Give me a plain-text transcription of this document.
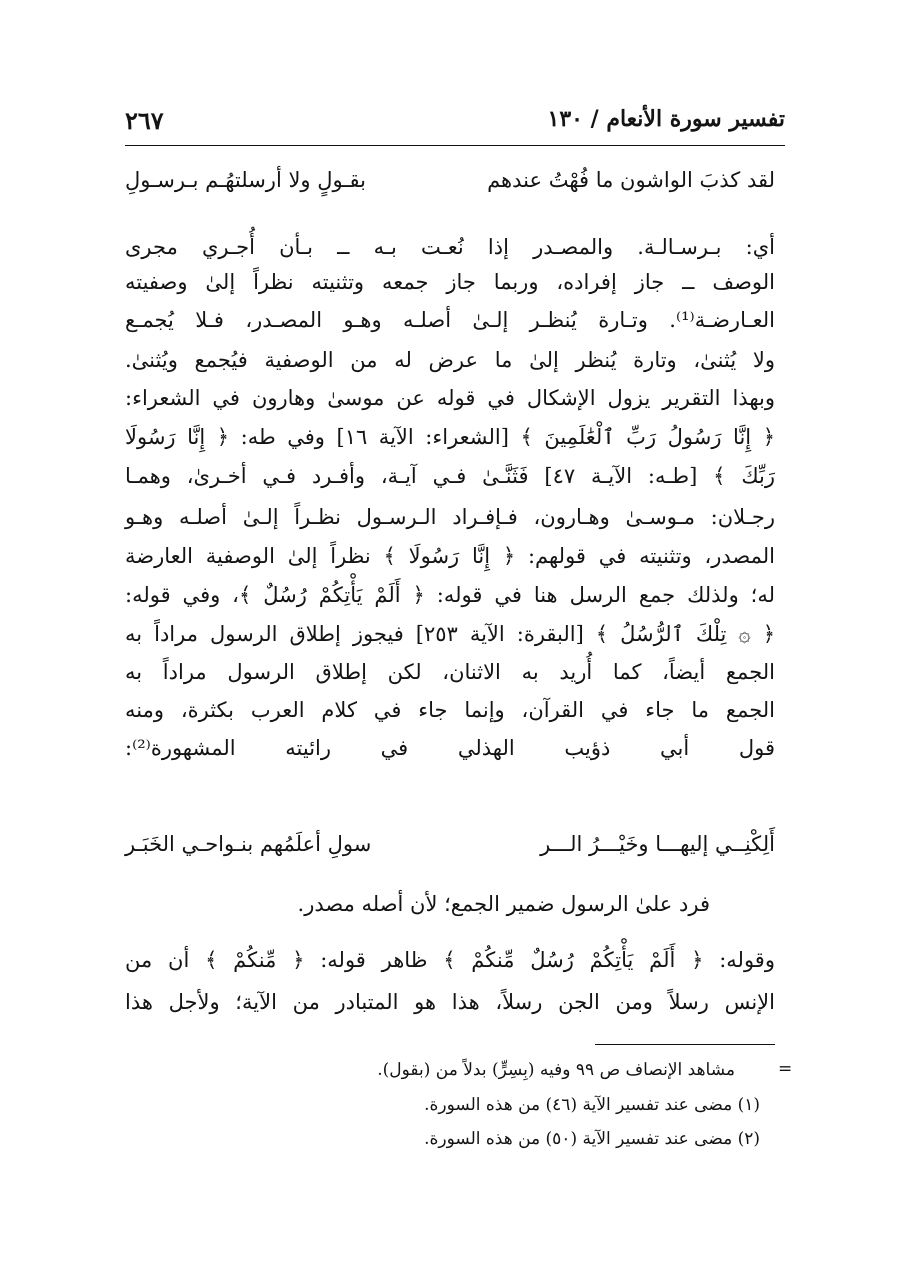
تفسير سورة الأنعام / ١٣٠
٢٦٧
لقد كذبَ الواشون ما فُهْتُ عندهم
بقـولٍ ولا أرسلتهُـم بـرسـولِ
أي: بـرسـالـة. والمصـدر إذا نُعـت بـه ــ بـأن أُجـري مجرى
الوصف ــ جاز إفراده، وربما جاز جمعه وتثنيته نظراً إلىٰ وصفيته
العـارضـة⁽¹⁾. وتـارة يُنظـر إلـىٰ أصلـه وهـو المصـدر، فـلا يُجمـع
ولا يُثنىٰ، وتارة يُنظر إلىٰ ما عرض له من الوصفية فيُجمع ويُثنىٰ.
وبهذا التقرير يزول الإشكال في قوله عن موسىٰ وهارون في الشعراء:
﴿ إِنَّا رَسُولُ رَبِّ ٱلْعَٰلَمِينَ ﴾ [الشعراء: الآية ١٦] وفي طه: ﴿ إِنَّا رَسُولَا
رَبِّكَ ﴾ [طـه: الآيـة ٤٧] فَثَنَّـىٰ فـي آيـة، وأفـرد فـي أخـرىٰ، وهمـا
رجـلان: مـوسـىٰ وهـارون، فـإفـراد الـرسـول نظـراً إلـىٰ أصلـه وهـو
المصدر، وتثنيته في قولهم: ﴿ إِنَّا رَسُولَا ﴾ نظراً إلىٰ الوصفية العارضة
له؛ ولذلك جمع الرسل هنا في قوله: ﴿ أَلَمْ يَأْتِكُمْ رُسُلٌ ﴾، وفي قوله:
﴿ ۞ تِلْكَ ٱلرُّسُلُ ﴾ [البقرة: الآية ٢٥٣] فيجوز إطلاق الرسول مراداً به
الجمع أيضاً، كما أُريد به الاثنان، لكن إطلاق الرسول مراداً به
الجمع ما جاء في القرآن، وإنما جاء في كلام العرب بكثرة، ومنه
قول أبي ذؤيب الهذلي في رائيته المشهورة⁽²⁾:
أَلِكْنِــي إليهـــا وخَيْـــرُ الـــر
سولِ أعلَمُهم بنـواحـي الخَبَـر
فرد علىٰ الرسول ضمير الجمع؛ لأن أصله مصدر.
وقوله: ﴿ أَلَمْ يَأْتِكُمْ رُسُلٌ مِّنكُمْ ﴾ ظاهر قوله: ﴿ مِّنكُمْ ﴾ أن من
الإنس رسلاً ومن الجن رسلاً، هذا هو المتبادر من الآية؛ ولأجل هذا
=
مشاهد الإنصاف ص ٩٩ وفيه (بِسِرٍّ) بدلاً من (بقول).
(١) مضى عند تفسير الآية (٤٦) من هذه السورة.
(٢) مضى عند تفسير الآية (٥٠) من هذه السورة.
